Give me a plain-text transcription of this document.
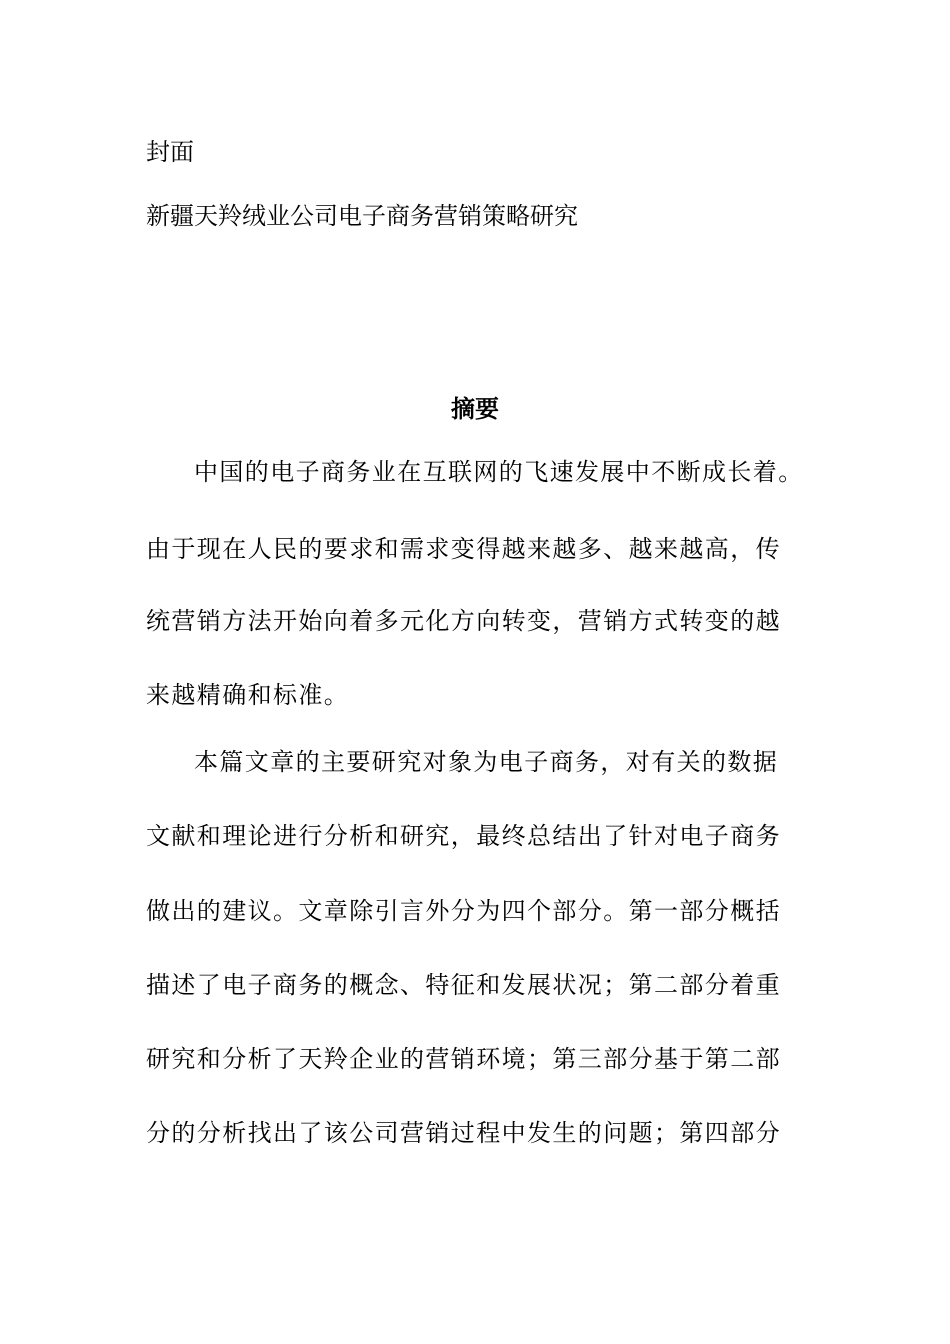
封面

新疆天羚绒业公司电子商务营销策略研究

摘要

中国的电子商务业在互联网的飞速发展中不断成长着。

由于现在人民的要求和需求变得越来越多、越来越高，传

统营销方法开始向着多元化方向转变，营销方式转变的越

来越精确和标准。

本篇文章的主要研究对象为电子商务，对有关的数据

文献和理论进行分析和研究，最终总结出了针对电子商务

做出的建议。文章除引言外分为四个部分。第一部分概括

描述了电子商务的概念、特征和发展状况；第二部分着重

研究和分析了天羚企业的营销环境；第三部分基于第二部

分的分析找出了该公司营销过程中发生的问题；第四部分
